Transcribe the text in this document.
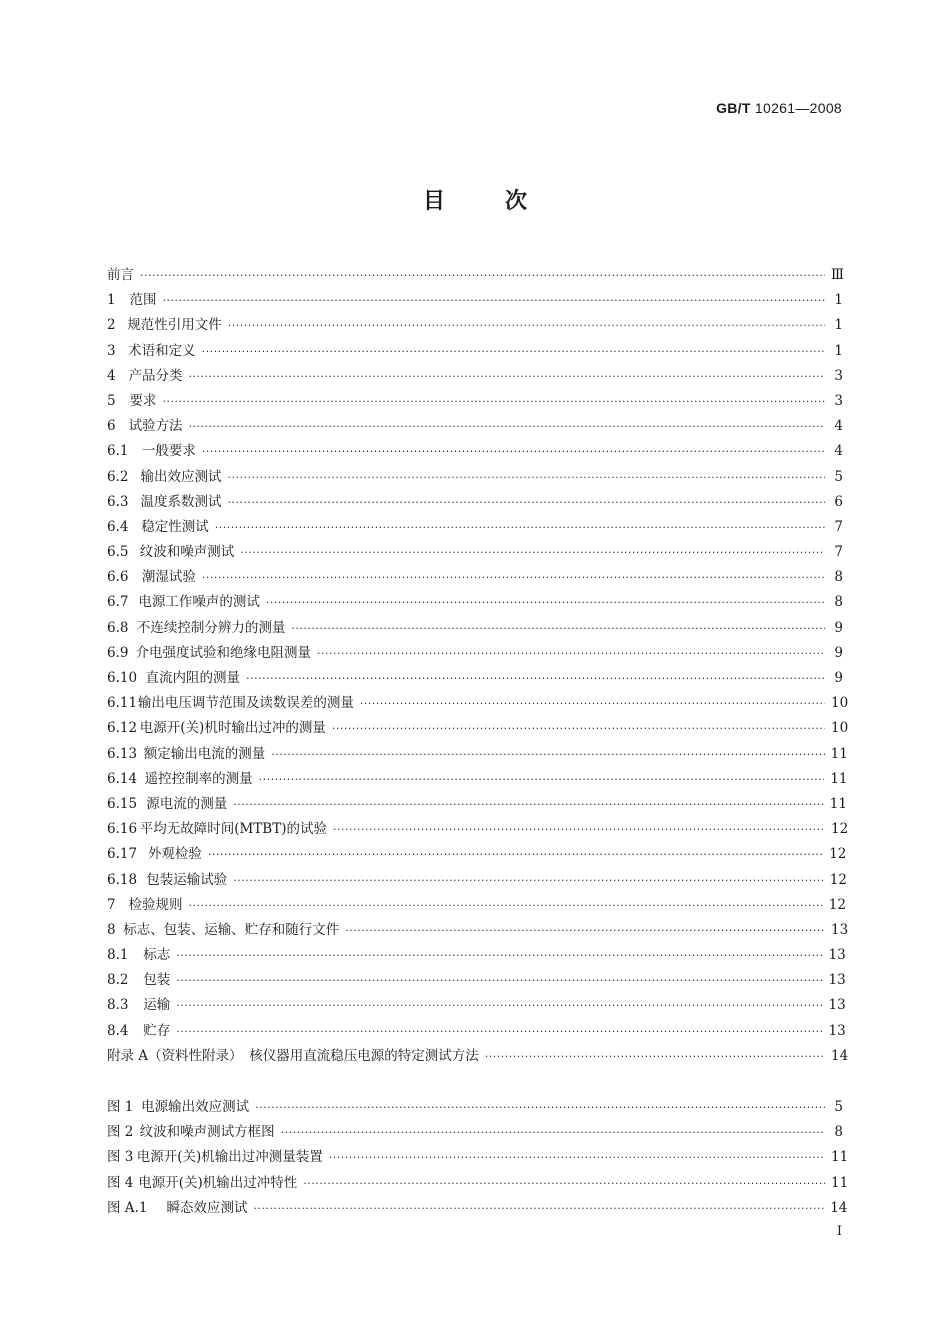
GB/T 10261—2008
目	次
前言 ·····	Ⅲ
1	范围 ·····	1
2 规范性引用文件 ·····	1
3 术语和定义 ·····	1
4 产品分类 ·····	3
5	要求 ·····	3
6 试验方法 ·····	4
6.1 一般要求 ·····	4
6.2 输出效应测试 ·····	5
6.3 温度系数测试 ·····	6
6.4 稳定性测试 ·····	7
6.5 纹波和噪声测试 ·····	7
6.6 潮湿试验 ·····	8
6.7 电源工作噪声的测试 ·····	8
6.8 不连续控制分辨力的测量 ·····	9
6.9 介电强度试验和绝缘电阻测量 ·····	9
6.10 直流内阻的测量 ·····	9
6.11 输出电压调节范围及读数误差的测量 ·····	10
6.12 电源开(关)机时输出过冲的测量 ·····	10
6.13 额定输出电流的测量 ·····	11
6.14 遥控控制率的测量 ·····	11
6.15 源电流的测量 ·····	11
6.16 平均无故障时间(MTBT)的试验 ·····	12
6.17 外观检验 ·····	12
6.18 包装运输试验 ·····	12
7 检验规则 ·····	12
8 标志、包装、运输、贮存和随行文件 ·····	13
8.1	标志 ·····	13
8.2	包装 ·····	13
8.3	运输 ·····	13
8.4	贮存 ·····	13
附录 A（资料性附录）　核仪器用直流稳压电源的特定测试方法 ·····	14
图 1 电源输出效应测试 ·····	5
图 2 纹波和噪声测试方框图 ·····	8
图 3 电源开(关)机输出过冲测量装置 ·····	11
图 4 电源开(关)机输出过冲特性 ·····	11
图 A.1	瞬态效应测试 ·····	14
I
